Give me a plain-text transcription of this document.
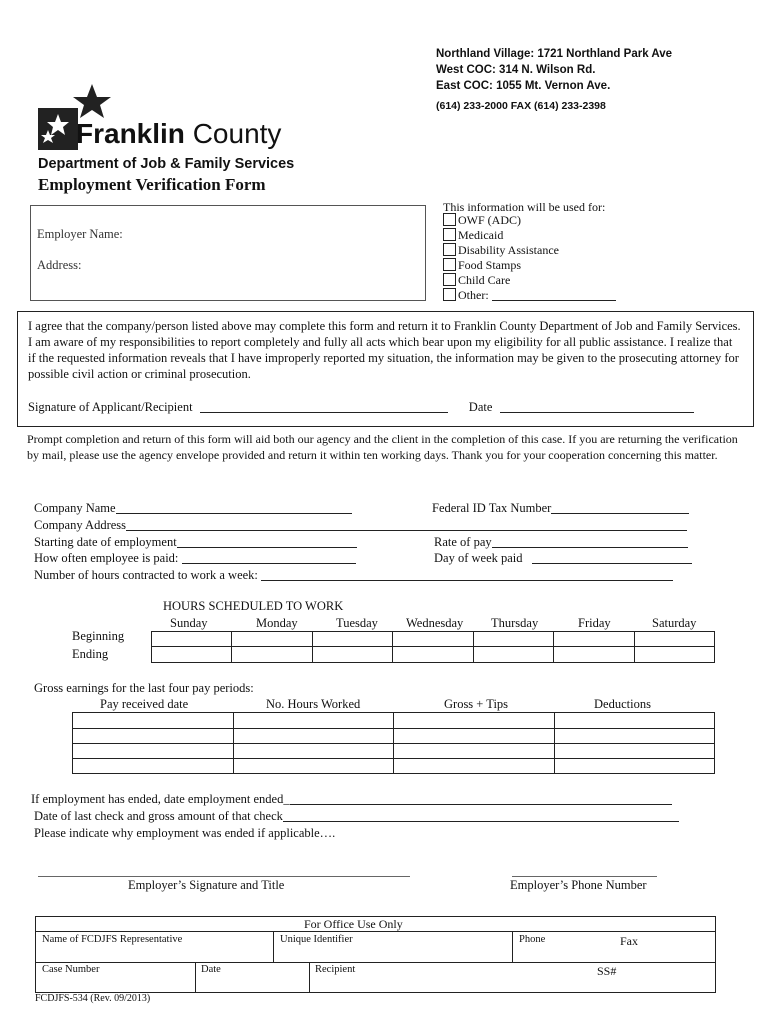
Northland Village: 1721 Northland Park Ave
West COC: 314 N. Wilson Rd.
East COC: 1055 Mt. Vernon Ave.
(614) 233-2000 FAX (614) 233-2398
Franklin County
Department of Job & Family Services
Employment Verification Form
Employer Name:
Address:
This information will be used for:
OWF (ADC)
Medicaid
Disability Assistance
Food Stamps
Child Care
Other:
I agree that the company/person listed above may complete this form and return it to Franklin County Department of Job and Family Services. I am aware of my responsibilities to report completely and fully all acts which bear upon my eligibility for all public assistance. I realize that if the requested information reveals that I have improperly reported my situation, the information may be given to the prosecuting attorney for possible civil action or criminal prosecution.
Signature of Applicant/Recipient	Date
Prompt completion and return of this form will aid both our agency and the client in the completion of this case. If you are returning the verification by mail, please use the agency envelope provided and return it within ten working days. Thank you for your cooperation concerning this matter.
Company Name	Federal ID Tax Number
Company Address
Starting date of employment	Rate of pay
How often employee is paid:	Day of week paid
Number of hours contracted to work a week:
HOURS SCHEDULED TO WORK
Sunday	Monday	Tuesday Wednesday Thursday	Friday	Saturday
Beginning
Ending

Gross earnings for the last four pay periods:
Pay received date	No. Hours Worked	Gross + Tips	Deductions

If employment has ended, date employment ended_
Date of last check and gross amount of that check
Please indicate why employment was ended if applicable….
Employer’s Signature and Title	Employer’s Phone Number
For Office Use Only
Name of FCDJFS Representative	Unique Identifier	Phone	Fax
Case Number	Date	Recipient	SS#
FCDJFS-534 (Rev. 09/2013)
